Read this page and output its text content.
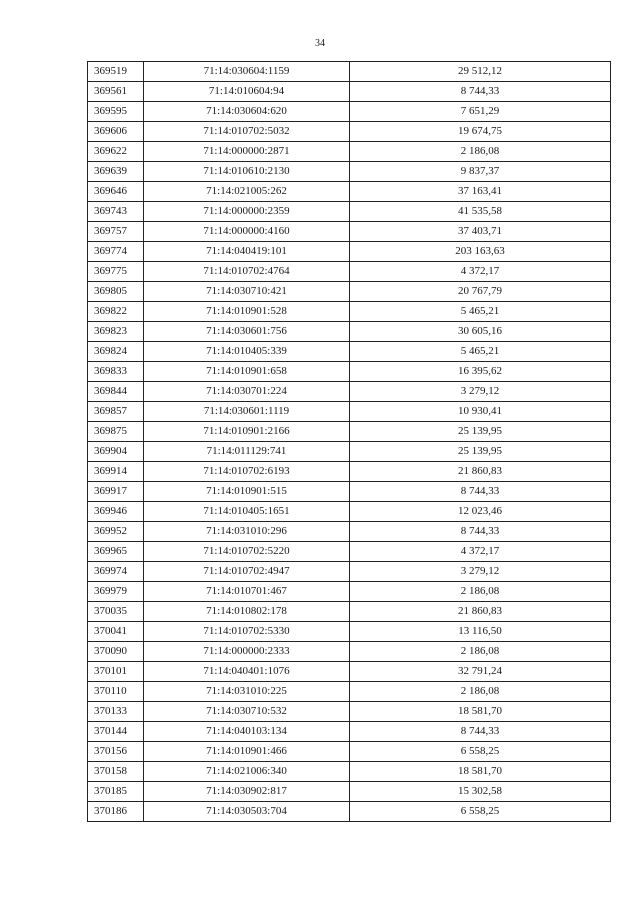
34
369519	71:14:030604:1159	29 512,12
369561	71:14:010604:94	8 744,33
369595	71:14:030604:620	7 651,29
369606	71:14:010702:5032	19 674,75
369622	71:14:000000:2871	2 186,08
369639	71:14:010610:2130	9 837,37
369646	71:14:021005:262	37 163,41
369743	71:14:000000:2359	41 535,58
369757	71:14:000000:4160	37 403,71
369774	71:14:040419:101	203 163,63
369775	71:14:010702:4764	4 372,17
369805	71:14:030710:421	20 767,79
369822	71:14:010901:528	5 465,21
369823	71:14:030601:756	30 605,16
369824	71:14:010405:339	5 465,21
369833	71:14:010901:658	16 395,62
369844	71:14:030701:224	3 279,12
369857	71:14:030601:1119	10 930,41
369875	71:14:010901:2166	25 139,95
369904	71:14:011129:741	25 139,95
369914	71:14:010702:6193	21 860,83
369917	71:14:010901:515	8 744,33
369946	71:14:010405:1651	12 023,46
369952	71:14:031010:296	8 744,33
369965	71:14:010702:5220	4 372,17
369974	71:14:010702:4947	3 279,12
369979	71:14:010701:467	2 186,08
370035	71:14:010802:178	21 860,83
370041	71:14:010702:5330	13 116,50
370090	71:14:000000:2333	2 186,08
370101	71:14:040401:1076	32 791,24
370110	71:14:031010:225	2 186,08
370133	71:14:030710:532	18 581,70
370144	71:14:040103:134	8 744,33
370156	71:14:010901:466	6 558,25
370158	71:14:021006:340	18 581,70
370185	71:14:030902:817	15 302,58
370186	71:14:030503:704	6 558,25
